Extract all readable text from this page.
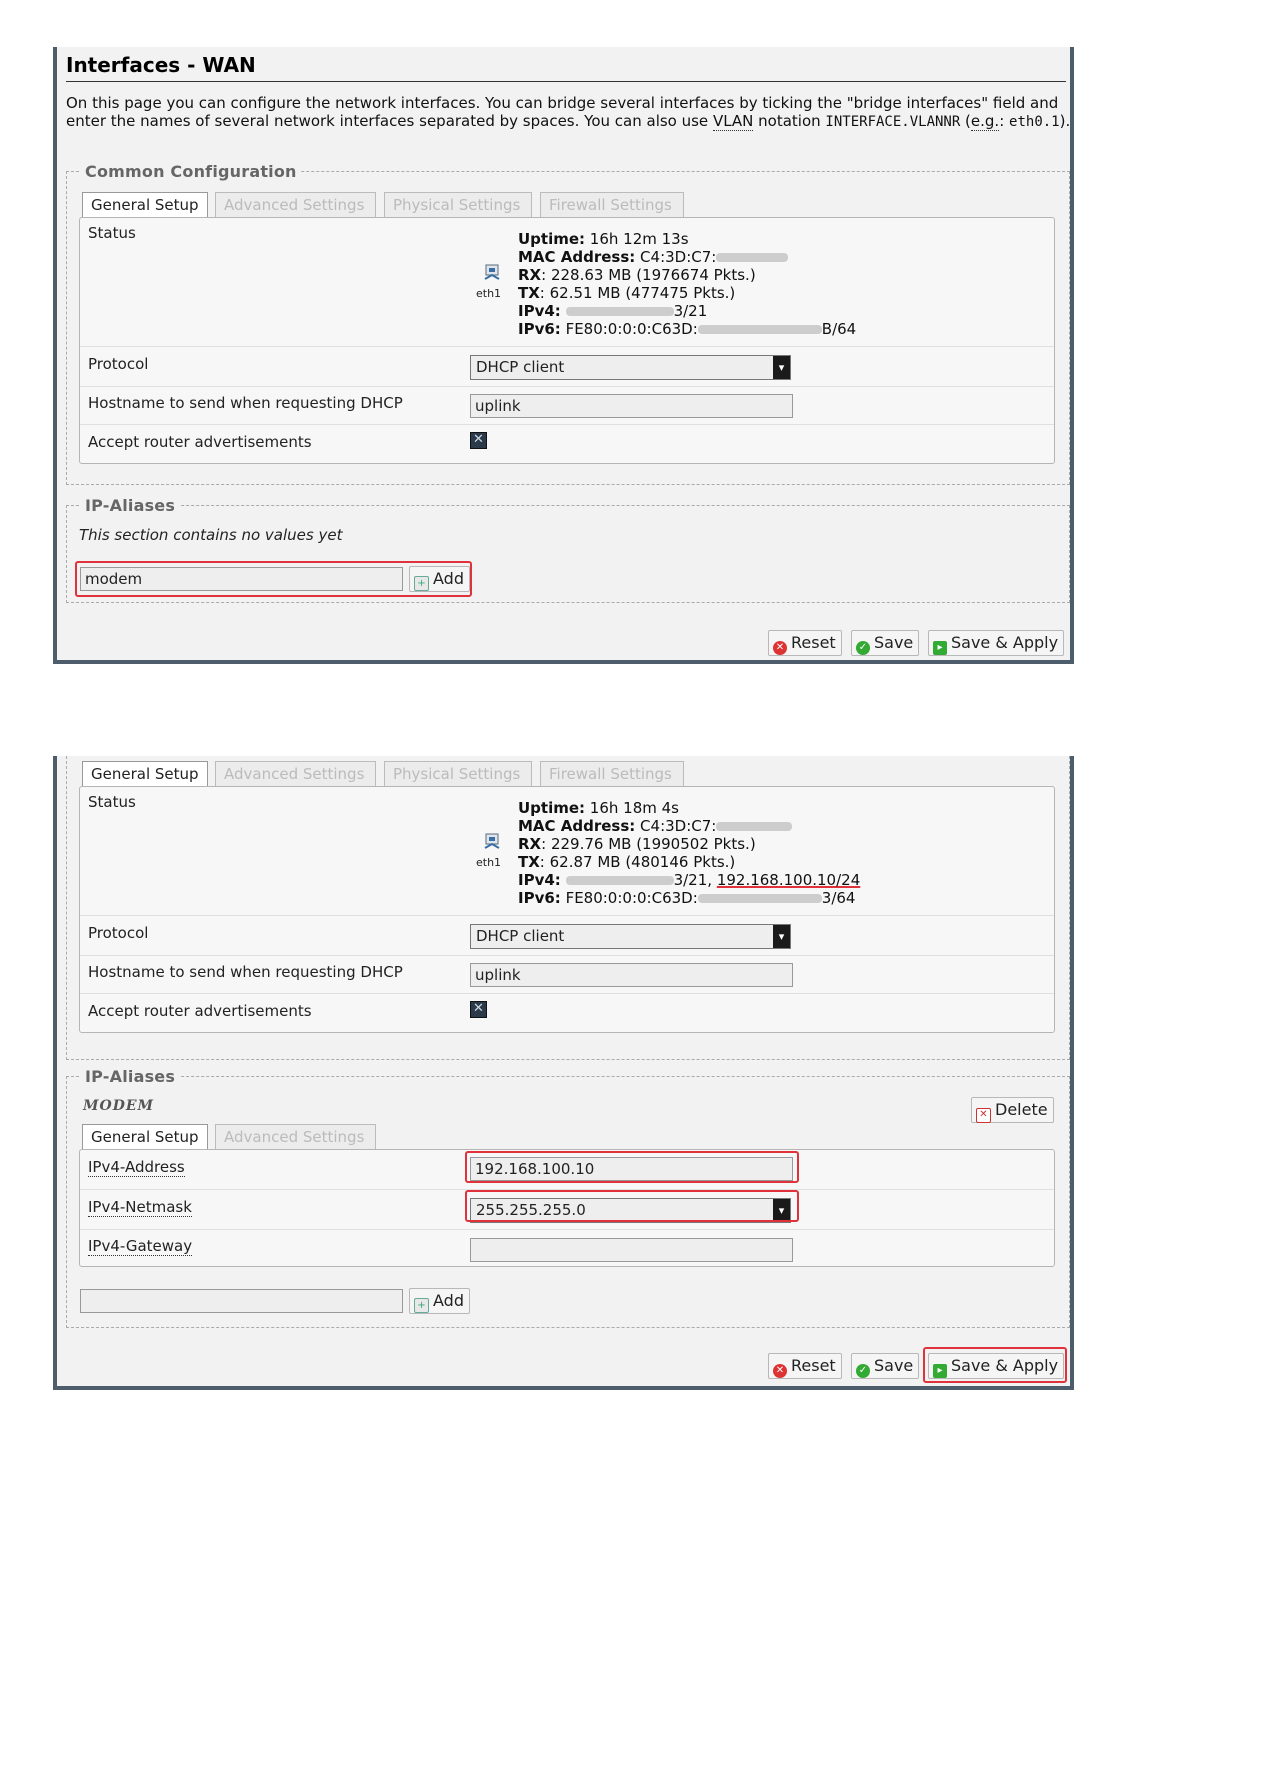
Interfaces - WAN
On this page you can configure the network interfaces. You can bridge several interfaces by ticking the "bridge interfaces" field and enter the names of several network interfaces separated by spaces. You can also use VLAN notation INTERFACE.VLANNR (e.g.: eth0.1).
Common Configuration
General Setup	Advanced Settings	Physical Settings	Firewall Settings
Status
eth1
Uptime: 16h 12m 13s
MAC Address: C4:3D:C7:
RX: 228.63 MB (1976674 Pkts.)
TX: 62.51 MB (477475 Pkts.)
IPv4:	3/21
IPv6: FE80:0:0:0:C63D:	B/64
Protocol	DHCP client	▾
Hostname to send when requesting DHCP	uplink
Accept router advertisements	✕
IP-Aliases
This section contains no values yet
modem	+ Add
✕ Reset	✓ Save	▸ Save & Apply
General Setup	Advanced Settings	Physical Settings	Firewall Settings
Status
eth1
Uptime: 16h 18m 4s
MAC Address: C4:3D:C7:
RX: 229.76 MB (1990502 Pkts.)
TX: 62.87 MB (480146 Pkts.)
IPv4:	3/21, 192.168.100.10/24
IPv6: FE80:0:0:0:C63D:	3/64
Protocol	DHCP client	▾
Hostname to send when requesting DHCP	uplink
Accept router advertisements	✕
IP-Aliases
MODEM
✕ Delete
General Setup	Advanced Settings
IPv4-Address	192.168.100.10
IPv4-Netmask	255.255.255.0	▾
IPv4-Gateway
+ Add
✕ Reset	✓ Save	▸ Save & Apply
